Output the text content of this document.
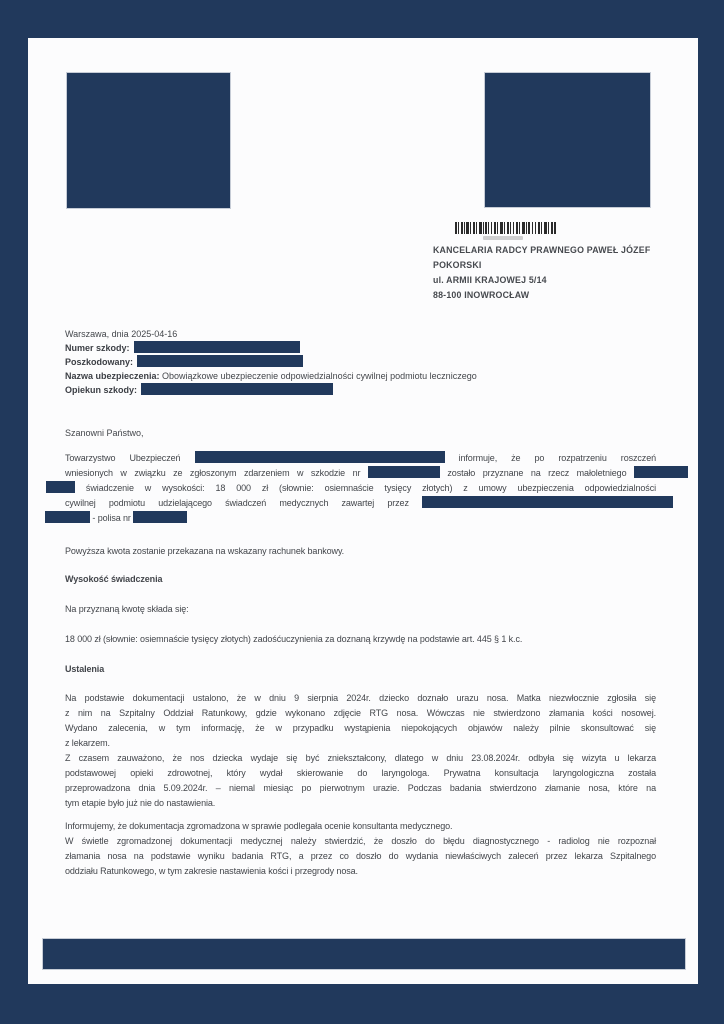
KANCELARIA RADCY PRAWNEGO PAWEŁ JÓZEF
POKORSKI
ul. ARMII KRAJOWEJ 5/14
88-100 INOWROCŁAW
Warszawa, dnia 2025-04-16
Numer szkody:
Poszkodowany:
Nazwa ubezpieczenia: Obowiązkowe ubezpieczenie odpowiedzialności cywilnej podmiotu leczniczego
Opiekun szkody:
Szanowni Państwo,
Towarzystwo Ubezpieczeń	informuje, że po rozpatrzeniu roszczeń
wniesionych w związku ze zgłoszonym zdarzeniem w szkodzie nr	zostało przyznane na rzecz małoletniego
świadczenie w wysokości: 18 000 zł (słownie: osiemnaście tysięcy złotych) z umowy ubezpieczenia odpowiedzialności
cywilnej podmiotu udzielającego świadczeń medycznych zawartej przez
- polisa nr
Powyższa kwota zostanie przekazana na wskazany rachunek bankowy.
Wysokość świadczenia
Na przyznaną kwotę składa się:
18 000 zł (słownie: osiemnaście tysięcy złotych) zadośćuczynienia za doznaną krzywdę na podstawie art. 445 § 1 k.c.
Ustalenia
Na podstawie dokumentacji ustalono, że w dniu 9 sierpnia 2024r. dziecko doznało urazu nosa. Matka niezwłocznie zgłosiła się
z nim na Szpitalny Oddział Ratunkowy, gdzie wykonano zdjęcie RTG nosa. Wówczas nie stwierdzono złamania kości nosowej.
Wydano zalecenia, w tym informację, że w przypadku wystąpienia niepokojących objawów należy pilnie skonsultować się
z lekarzem.
Z czasem zauważono, że nos dziecka wydaje się być zniekształcony, dlatego w dniu 23.08.2024r. odbyła się wizyta u lekarza
podstawowej opieki zdrowotnej, który wydał skierowanie do laryngologa. Prywatna konsultacja laryngologiczna została
przeprowadzona dnia 5.09.2024r. – niemal miesiąc po pierwotnym urazie. Podczas badania stwierdzono złamanie nosa, które na
tym etapie było już nie do nastawienia.
Informujemy, że dokumentacja zgromadzona w sprawie podlegała ocenie konsultanta medycznego.
W świetle zgromadzonej dokumentacji medycznej należy stwierdzić, że doszło do błędu diagnostycznego - radiolog nie rozpoznał
złamania nosa na podstawie wyniku badania RTG, a przez co doszło do wydania niewłaściwych zaleceń przez lekarza Szpitalnego
oddziału Ratunkowego, w tym zakresie nastawienia kości i przegrody nosa.
